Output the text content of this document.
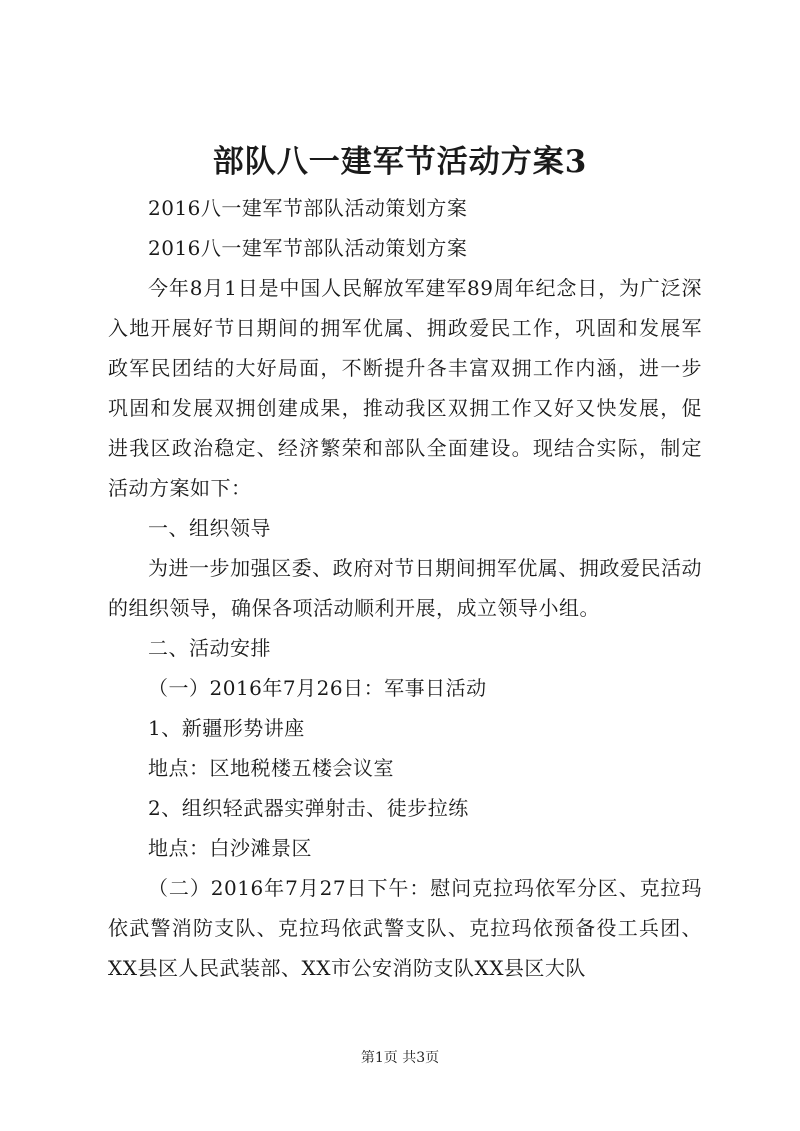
部队八一建军节活动方案3

2016八一建军节部队活动策划方案

2016八一建军节部队活动策划方案

今年8月1日是中国人民解放军建军89周年纪念日，为广泛深入地开展好节日期间的拥军优属、拥政爱民工作，巩固和发展军政军民团结的大好局面，不断提升各丰富双拥工作内涵，进一步巩固和发展双拥创建成果，推动我区双拥工作又好又快发展，促进我区政治稳定、经济繁荣和部队全面建设。现结合实际，制定活动方案如下：

一、组织领导

为进一步加强区委、政府对节日期间拥军优属、拥政爱民活动的组织领导，确保各项活动顺利开展，成立领导小组。

二、活动安排

（一）2016年7月26日：军事日活动

1、新疆形势讲座

地点：区地税楼五楼会议室

2、组织轻武器实弹射击、徒步拉练

地点：白沙滩景区

（二）2016年7月27日下午：慰问克拉玛依军分区、克拉玛依武警消防支队、克拉玛依武警支队、克拉玛依预备役工兵团、XX县区人民武装部、XX市公安消防支队XX县区大队

第1页 共3页
